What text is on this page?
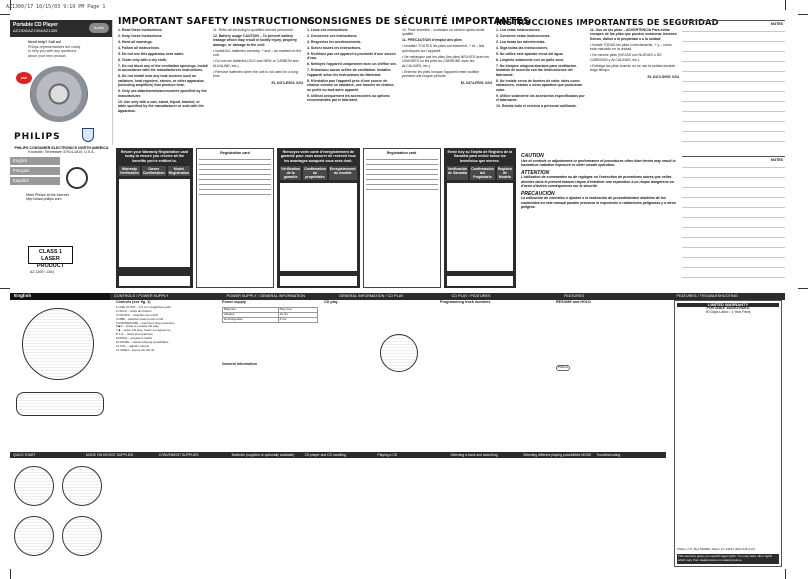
AZ1300/17 10/15/03 9:19 PM Page 1
Portable CD Player
AZ1300/AZ1304/AZ1305
Audio
Need help? Call us!
Philips representatives are ready
to help you with any questions
about your new product.
ESP
PHILIPS
IMPORTANT SAFETY INSTRUCTIONS

1. Read these instructions.

2. Keep these instructions.

3. Heed all warnings.

4. Follow all instructions.

5. Do not use this apparatus near water.

6. Clean only with a dry cloth.

7. Do not block any of the ventilation openings. Install in accordance with the manufacturers instructions.

8. Do not install near any heat sources such as radiators, heat registers, stoves, or other apparatus (including amplifiers) that produce heat.

9. Only use attachments/accessories specified by the manufacturer.

10. Use only with a cart, stand, tripod, bracket, or table specified by the manufacturer or sold with the apparatus.

11. Refer all servicing to qualified service personnel.

12. Battery usage CAUTION – To prevent battery leakage which may result in bodily injury, property damage, or damage to the unit:

• Install ALL batteries correctly, + and – as marked on the unit.

• Do not mix batteries (OLD and NEW or CARBON and ALKALINE, etc.).

• Remove batteries when the unit is not used for a long time.

EL 6474-E004: 02/4
CONSIGNES DE SÉCURITÉ IMPORTANTES

1. Lisez ces instructions.

2. Conservez ces instructions.

3. Respectez les avertissements.

4. Suivez toutes les instructions.

5. N'utilisez pas cet appareil à proximité d'une source d'eau.

6. Nettoyez l'appareil uniquement avec un chiffon sec.

7. N'obstruez aucun orifice de ventilation. Installez l'appareil selon les instructions du fabricant.

8. N'installez pas l'appareil près d'une source de chaleur comme un radiateur, une bouche de chaleur, un poêle ou tout autre appareil.

9. Utilisez uniquement les accessoires ou options recommandés par le fabricant.

10. Pluie entretien : contactez un service après-vente qualifié.

11. PRECAUTION d'emploi des piles

• Installez TOUTES les piles correctement, + et – tels qu'indiqués sur l'appareil.

• Ne mélangez pas les piles (les piles NEUVES avec les USAGÉES ou les piles au CARBONE avec les ALCALINES, etc.).

• Enlevez les piles lorsque l'appareil reste inutilisé pendant une longue période.

EL 6474-F005: 02/4
INSTRUCCIONES IMPORTANTES DE SEGURIDAD

1. Lea estas instrucciones.

2. Conserve estas instrucciones.

3. Lea todas las advertencias.

4. Siga todas las instrucciones.

5. No utilice este aparato cerca del agua.

6. Límpielo solamente con un paño seco.

7. No bloquee ninguna abertura para ventilación. Instálelo de acuerdo con las instrucciones del fabricante.

8. No instale cerca de fuentes de calor, tales como radiadores, estufas u otros aparatos que produzcan calor.

9. Utilice solamente los accesorios especificados por el fabricante.

10. Remita todo el servicio a personal calificado.

11. Uso de las pilas – ADVERTENCIA Para evitar escapes de las pilas que pueden ocasionar lesiones físicas, daños a la propiedad o a la unidad:

• Instale TODAS las pilas correctamente, + y – como está marcado en la unidad.

• No mezcle pilas (VIEJAS con NUEVAS o DE CARBONO y ALCALINAS, etc.).

• Extraiga las pilas cuando no se use la unidad durante largo tiempo.

EL 6474-S005: 02/4
NOTES
NOTES
PHILIPS CONSUMER ELECTRONICS NORTH AMERICA
Knoxville, Tennessee 37914-1810, U.S.A.
English
Français
Español
Meet Philips at the Internet
http://www.philips.com
CLASS 1
LASER PRODUCT
AZ 1300 / 1304
Return your Warranty Registration card today to ensure you receive all the benefits you're entitled to.
Warranty Verification
Owner Confirmation
Model Registration
Registration card	Renvoyez votre carte d'enregistrement de garantie pour vous assurer de recevoir tous les avantages auxquels vous avez droit.
Vérification de la garantie
Confirmation du propriétaire
Enregistrement du modèle
Registration card	Envíe hoy su Tarjeta de Registro de la Garantía para recibir todos los beneficios que merece.
Verificación de Garantía
Confirmación del Propietario
Registro de Modelo
CAUTION

Use of controls or adjustments or performance of procedures other than herein may result in hazardous radiation exposure or other unsafe operation.

ATTENTION

L'utilisation de commandes ou de réglages ou l'exécution de procédures autres que celles décrites dans le présent manuel risque d'entraîner une exposition à un risque dangereux ou d'avoir d'autres conséquences sur la sécurité.

PRECAUCIÓN

La utilización de controles o ajustes o la realización de procedimientos distintos de los contenidos en este manual pueden provocar la exposición a radiaciones peligrosas y a otros peligros.

English	CONTROLS / POWER SUPPLY	POWER SUPPLY / GENERAL INFORMATION	GENERAL INFORMATION / CD PLAY	CD PLAY / FEATURES	FEATURES	FEATURES / TROUBLESHOOTING
Controls (see fig. 1)
1 LINE OUT/Ω – 3.5 mm headphone jack
2 HOLD – locks all buttons
3 ON/OFF – switches set on/off
4 DBB – switches bass boost on/off
5 ESP/RESUME – electronic skip protection
6 ▶II – starts or pauses CD play
7 ■ – stops CD play, clears a programme
8 ∧/∨ – skips and searches
9 PROG – programs tracks
10 MODE – selects playing possibilities
11 VOL – adjusts volume
12 OPEN – opens the CD lid
Power supply
Batteries	Play time
Alkaline	10 hrs
Rechargeable	6 hrs
General information
CD play	Programming track numbers	RESUME and HOLD
HOLD
LIMITED WARRANTY
PORTABLE AUDIO/VIDEO
90 Days Labor / 1 Year Parts
Philips, P.O. Box 520890, Miami, FL 33152 (402) 536-4171
This warranty gives you specific legal rights. You may have other rights which vary from state/province to state/province.
QUICK START	MODE ON DEVICE SUPPLIED	CONVENIENT SUPPLIES	Batteries (supplied or optionally available)	CD player and CD handling	Playing a CD	Selecting a track and searching	Selecting different playing possibilities MODE	Troubleshooting
